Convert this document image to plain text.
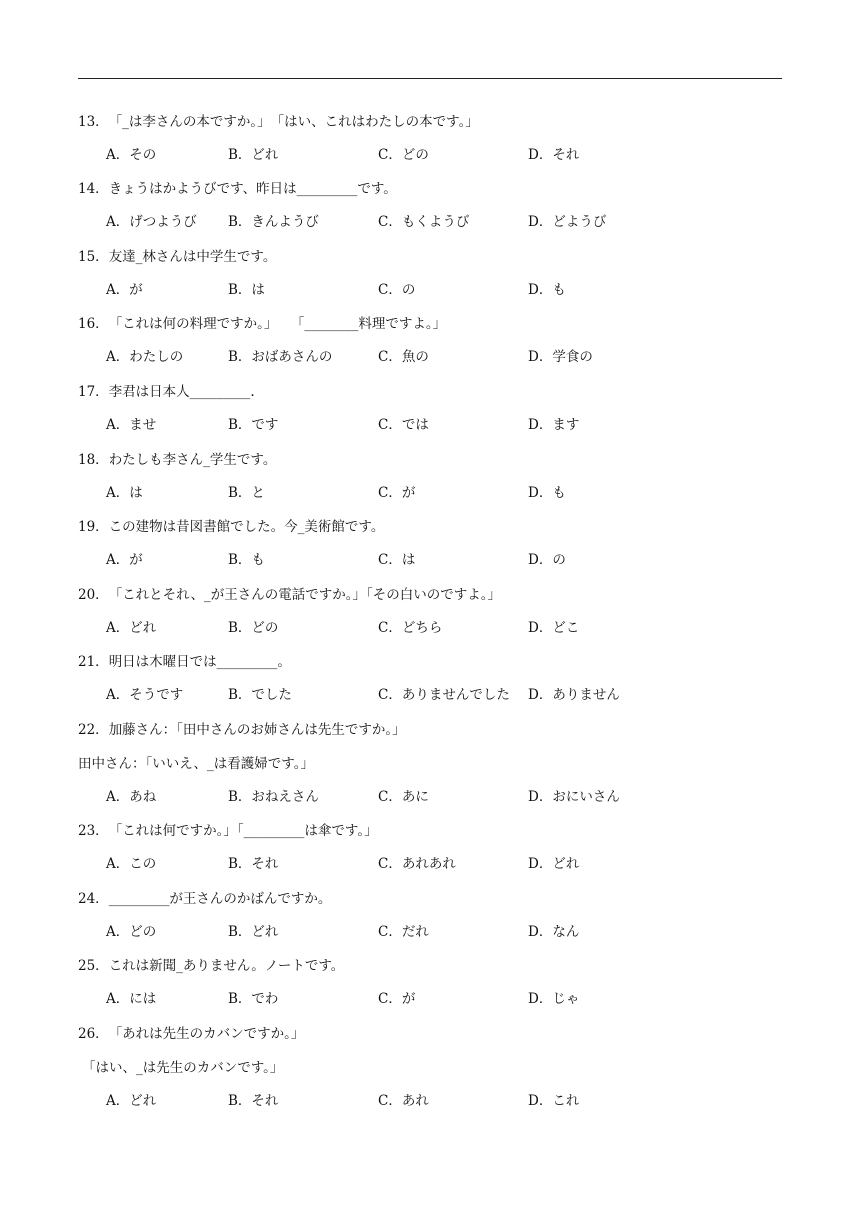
13．「_は李さんの本ですか。」　「はい、これはわたしの本です。」
A．その	B．どれ	C．どの	D．それ
14．きょうはかようびです、昨日は_________です。
A．げつようび B．きんようび	C．もくようび	D．どようび
15．友達_林さんは中学生です。
A．が	B．は	C．の	D．も
16．「これは何の料理ですか。」　　「________料理ですよ。」
A．わたしの	B．おばあさんの	C．魚の	D．学食の
17．李君は日本人_________.
A．ませ	B．です	C．では	D．ます
18．わたしも李さん_学生です。
A．は	B．と	C．が	D．も
19．この建物は昔図書館でした。今_美術館です。
A．が	B．も	C．は	D．の
20．「これとそれ、_が王さんの電話ですか。」「その白いのですよ。」
A．どれ	B．どの	C．どちら	D．どこ
21．明日は木曜日では_________。
A．そうです	B．でした	C．ありませんでした D．ありません
22．加藤さん：「田中さんのお姉さんは先生ですか。」
田中さん：「いいえ、_は看護婦です。」
A．あね	B．おねえさん	C．あに	D．おにいさん
23．「これは何ですか。」「_________は傘です。」
A．この	B．それ	C．あれあれ	D．どれ
24．_________が王さんのかばんですか。
A．どの	B．どれ	C．だれ	D．なん
25．これは新聞_ありません。ノートです。
A．には	B．でわ	C．が	D．じゃ
26．「あれは先生のカバンですか。」
「はい、_は先生のカバンです。」
A．どれ	B．それ	C．あれ	D．これ
